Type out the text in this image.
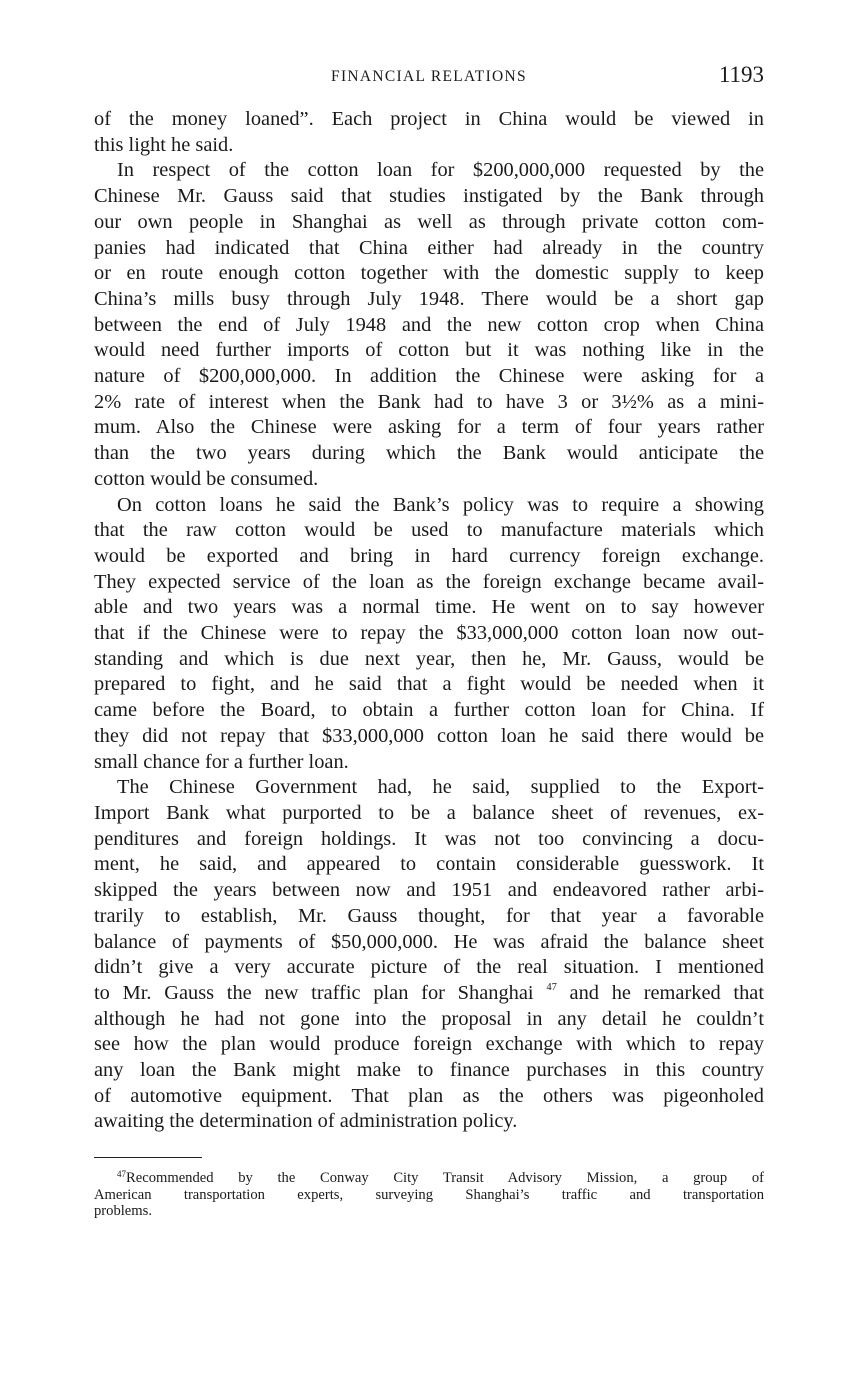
FINANCIAL RELATIONS	1193
of the money loaned”. Each project in China would be viewed in
this light he said.
In respect of the cotton loan for $200,000,000 requested by the
Chinese Mr. Gauss said that studies instigated by the Bank through
our own people in Shanghai as well as through private cotton com-
panies had indicated that China either had already in the country
or en route enough cotton together with the domestic supply to keep
China’s mills busy through July 1948. There would be a short gap
between the end of July 1948 and the new cotton crop when China
would need further imports of cotton but it was nothing like in the
nature of $200,000,000. In addition the Chinese were asking for a
2% rate of interest when the Bank had to have 3 or 3½% as a mini-
mum. Also the Chinese were asking for a term of four years rather
than the two years during which the Bank would anticipate the
cotton would be consumed.
On cotton loans he said the Bank’s policy was to require a showing
that the raw cotton would be used to manufacture materials which
would be exported and bring in hard currency foreign exchange.
They expected service of the loan as the foreign exchange became avail-
able and two years was a normal time. He went on to say however
that if the Chinese were to repay the $33,000,000 cotton loan now out-
standing and which is due next year, then he, Mr. Gauss, would be
prepared to fight, and he said that a fight would be needed when it
came before the Board, to obtain a further cotton loan for China. If
they did not repay that $33,000,000 cotton loan he said there would be
small chance for a further loan.
The Chinese Government had, he said, supplied to the Export-
Import Bank what purported to be a balance sheet of revenues, ex-
penditures and foreign holdings. It was not too convincing a docu-
ment, he said, and appeared to contain considerable guesswork. It
skipped the years between now and 1951 and endeavored rather arbi-
trarily to establish, Mr. Gauss thought, for that year a favorable
balance of payments of $50,000,000. He was afraid the balance sheet
didn’t give a very accurate picture of the real situation. I mentioned
to Mr. Gauss the new traffic plan for Shanghai $^{47}$ and he remarked that
although he had not gone into the proposal in any detail he couldn’t
see how the plan would produce foreign exchange with which to repay
any loan the Bank might make to finance purchases in this country
of automotive equipment. That plan as the others was pigeonholed
awaiting the determination of administration policy.
$^{47}$Recommended by the Conway City Transit Advisory Mission, a group of
American transportation experts, surveying Shanghai’s traffic and transportation
problems.
